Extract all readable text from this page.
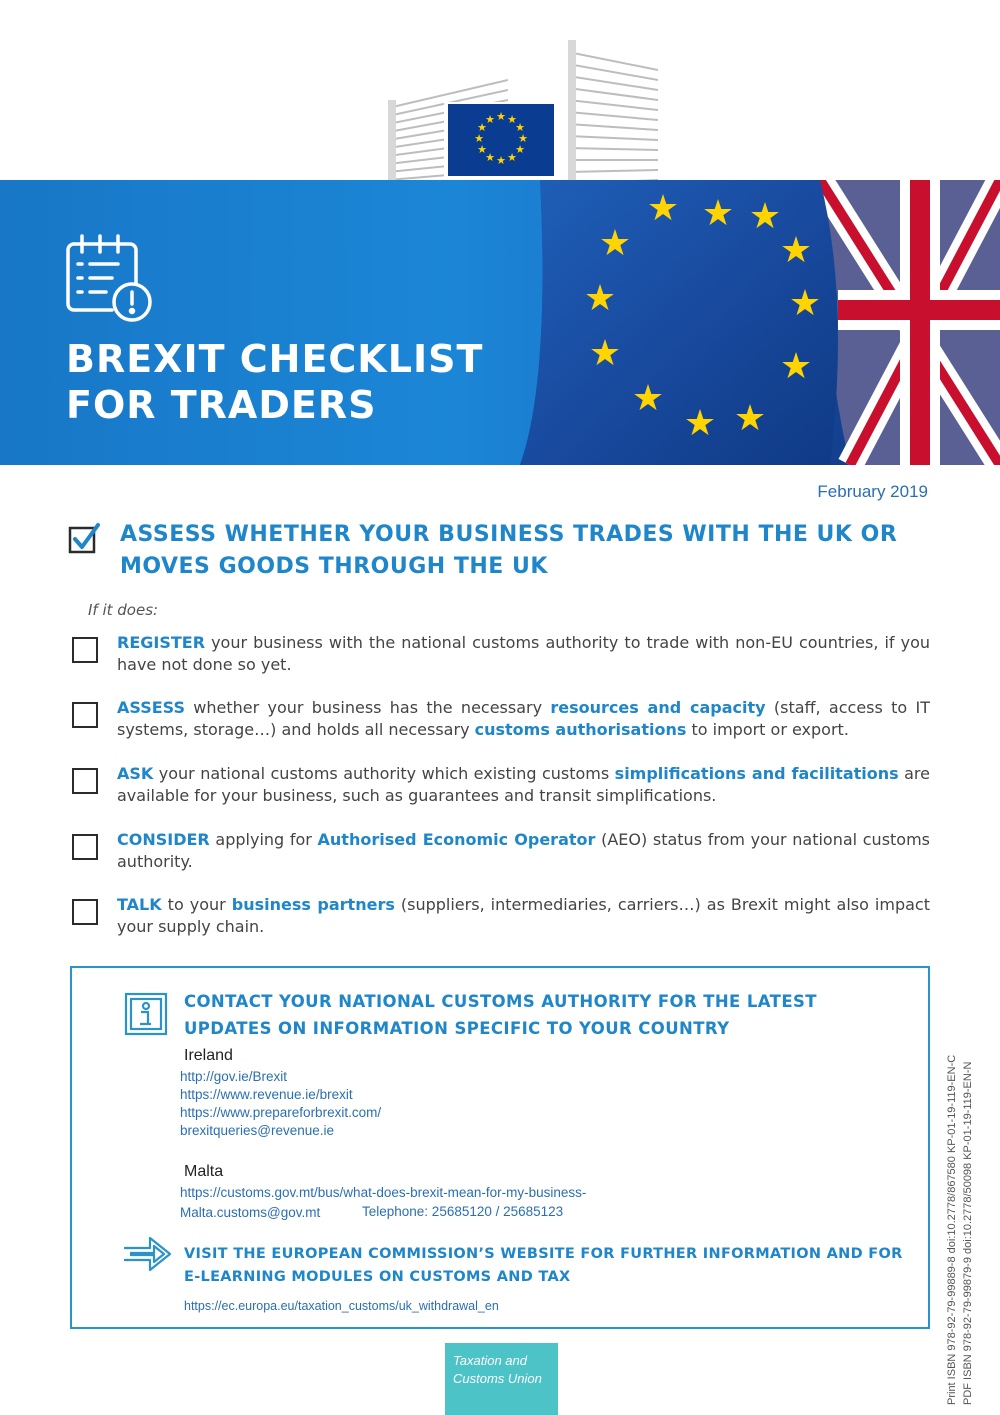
★ ★
★
★
★
★
★
★
★
★
★
★
★ ★
★
★
★
★
★
★ ★
★
★
★
BREXIT CHECKLIST
FOR TRADERS
February 2019
ASSESS WHETHER YOUR BUSINESS TRADES WITH THE UK OR MOVES GOODS THROUGH THE UK
If it does:
REGISTER your business with the national customs authority to trade with non-EU countries, if you have not done so yet.
ASSESS whether your business has the necessary resources and capacity (staff, access to IT systems, storage…) and holds all necessary customs authorisations to import or export.
ASK your national customs authority which existing customs simplifications and facilitations are available for your business, such as guarantees and transit simplifications.
CONSIDER applying for Authorised Economic Operator (AEO) status from your national customs authority.
TALK to your business partners (suppliers, intermediaries, carriers…) as Brexit might also impact your supply chain.
CONTACT YOUR NATIONAL CUSTOMS AUTHORITY FOR THE LATEST
UPDATES ON INFORMATION SPECIFIC TO YOUR COUNTRY
Ireland
http://gov.ie/Brexit
https://www.revenue.ie/brexit
https://www.prepareforbrexit.com/
brexitqueries@revenue.ie
Malta
https://customs.gov.mt/bus/what-does-brexit-mean-for-my-business-
Malta.customs@gov.mt	Telephone: 25685120 / 25685123
VISIT THE EUROPEAN COMMISSION’S WEBSITE FOR FURTHER INFORMATION AND FOR
E-LEARNING MODULES ON CUSTOMS AND TAX
https://ec.europa.eu/taxation_customs/uk_withdrawal_en
Taxation and
Customs Union	Print ISBN 978-92-79-99889-8 doi:10.2778/867580 KP-01-19-119-EN-C PDF ISBN 978-92-79-99879-9 doi:10.2778/50098 KP-01-19-119-EN-N
